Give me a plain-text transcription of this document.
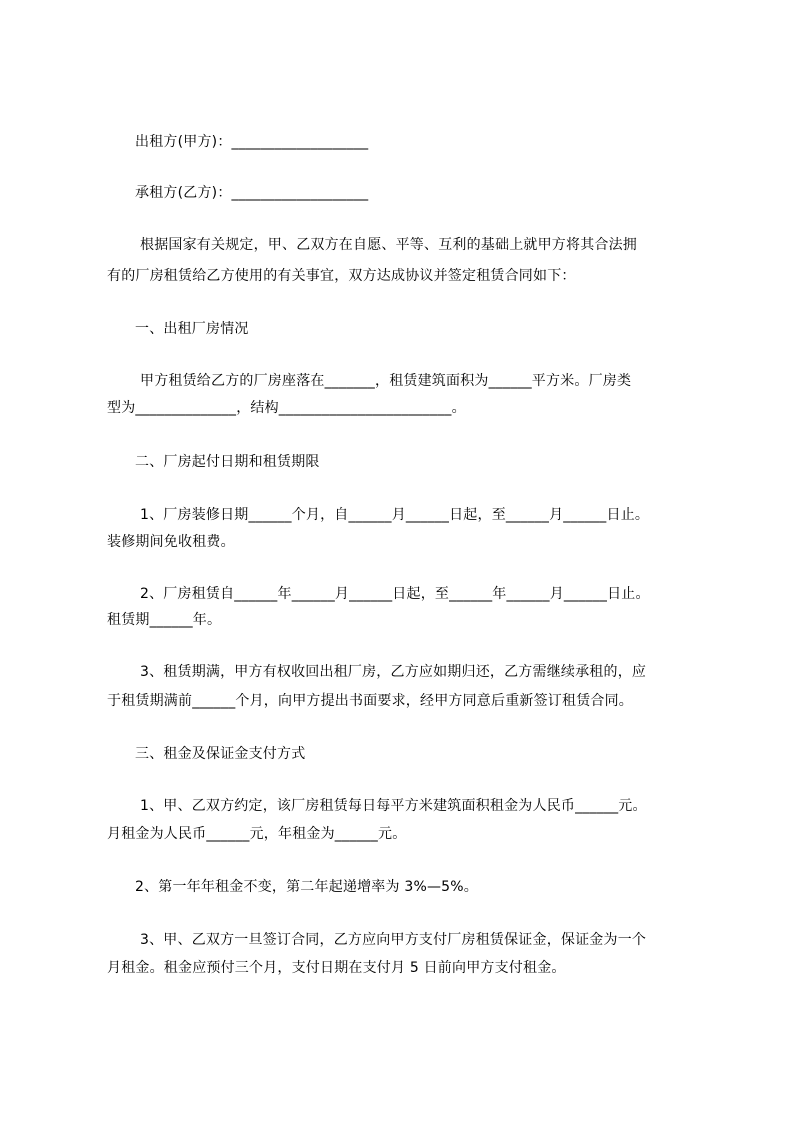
出租方(甲方)：___________________
承租方(乙方)：___________________
根据国家有关规定，甲、乙双方在自愿、平等、互利的基础上就甲方将其合法拥
有的厂房租赁给乙方使用的有关事宜，双方达成协议并签定租赁合同如下：
一、出租厂房情况
甲方租赁给乙方的厂房座落在_______，租赁建筑面积为______平方米。厂房类
型为______________，结构________________________。
二、厂房起付日期和租赁期限
1、厂房装修日期______个月，自______月______日起，至______月______日止。
装修期间免收租费。
2、厂房租赁自______年______月______日起，至______年______月______日止。
租赁期______年。
3、租赁期满，甲方有权收回出租厂房，乙方应如期归还，乙方需继续承租的，应
于租赁期满前______个月，向甲方提出书面要求，经甲方同意后重新签订租赁合同。
三、租金及保证金支付方式
1、甲、乙双方约定，该厂房租赁每日每平方米建筑面积租金为人民币______元。
月租金为人民币______元，年租金为______元。
2、第一年年租金不变，第二年起递增率为 3%—5%。
3、甲、乙双方一旦签订合同，乙方应向甲方支付厂房租赁保证金，保证金为一个
月租金。租金应预付三个月，支付日期在支付月 5 日前向甲方支付租金。
